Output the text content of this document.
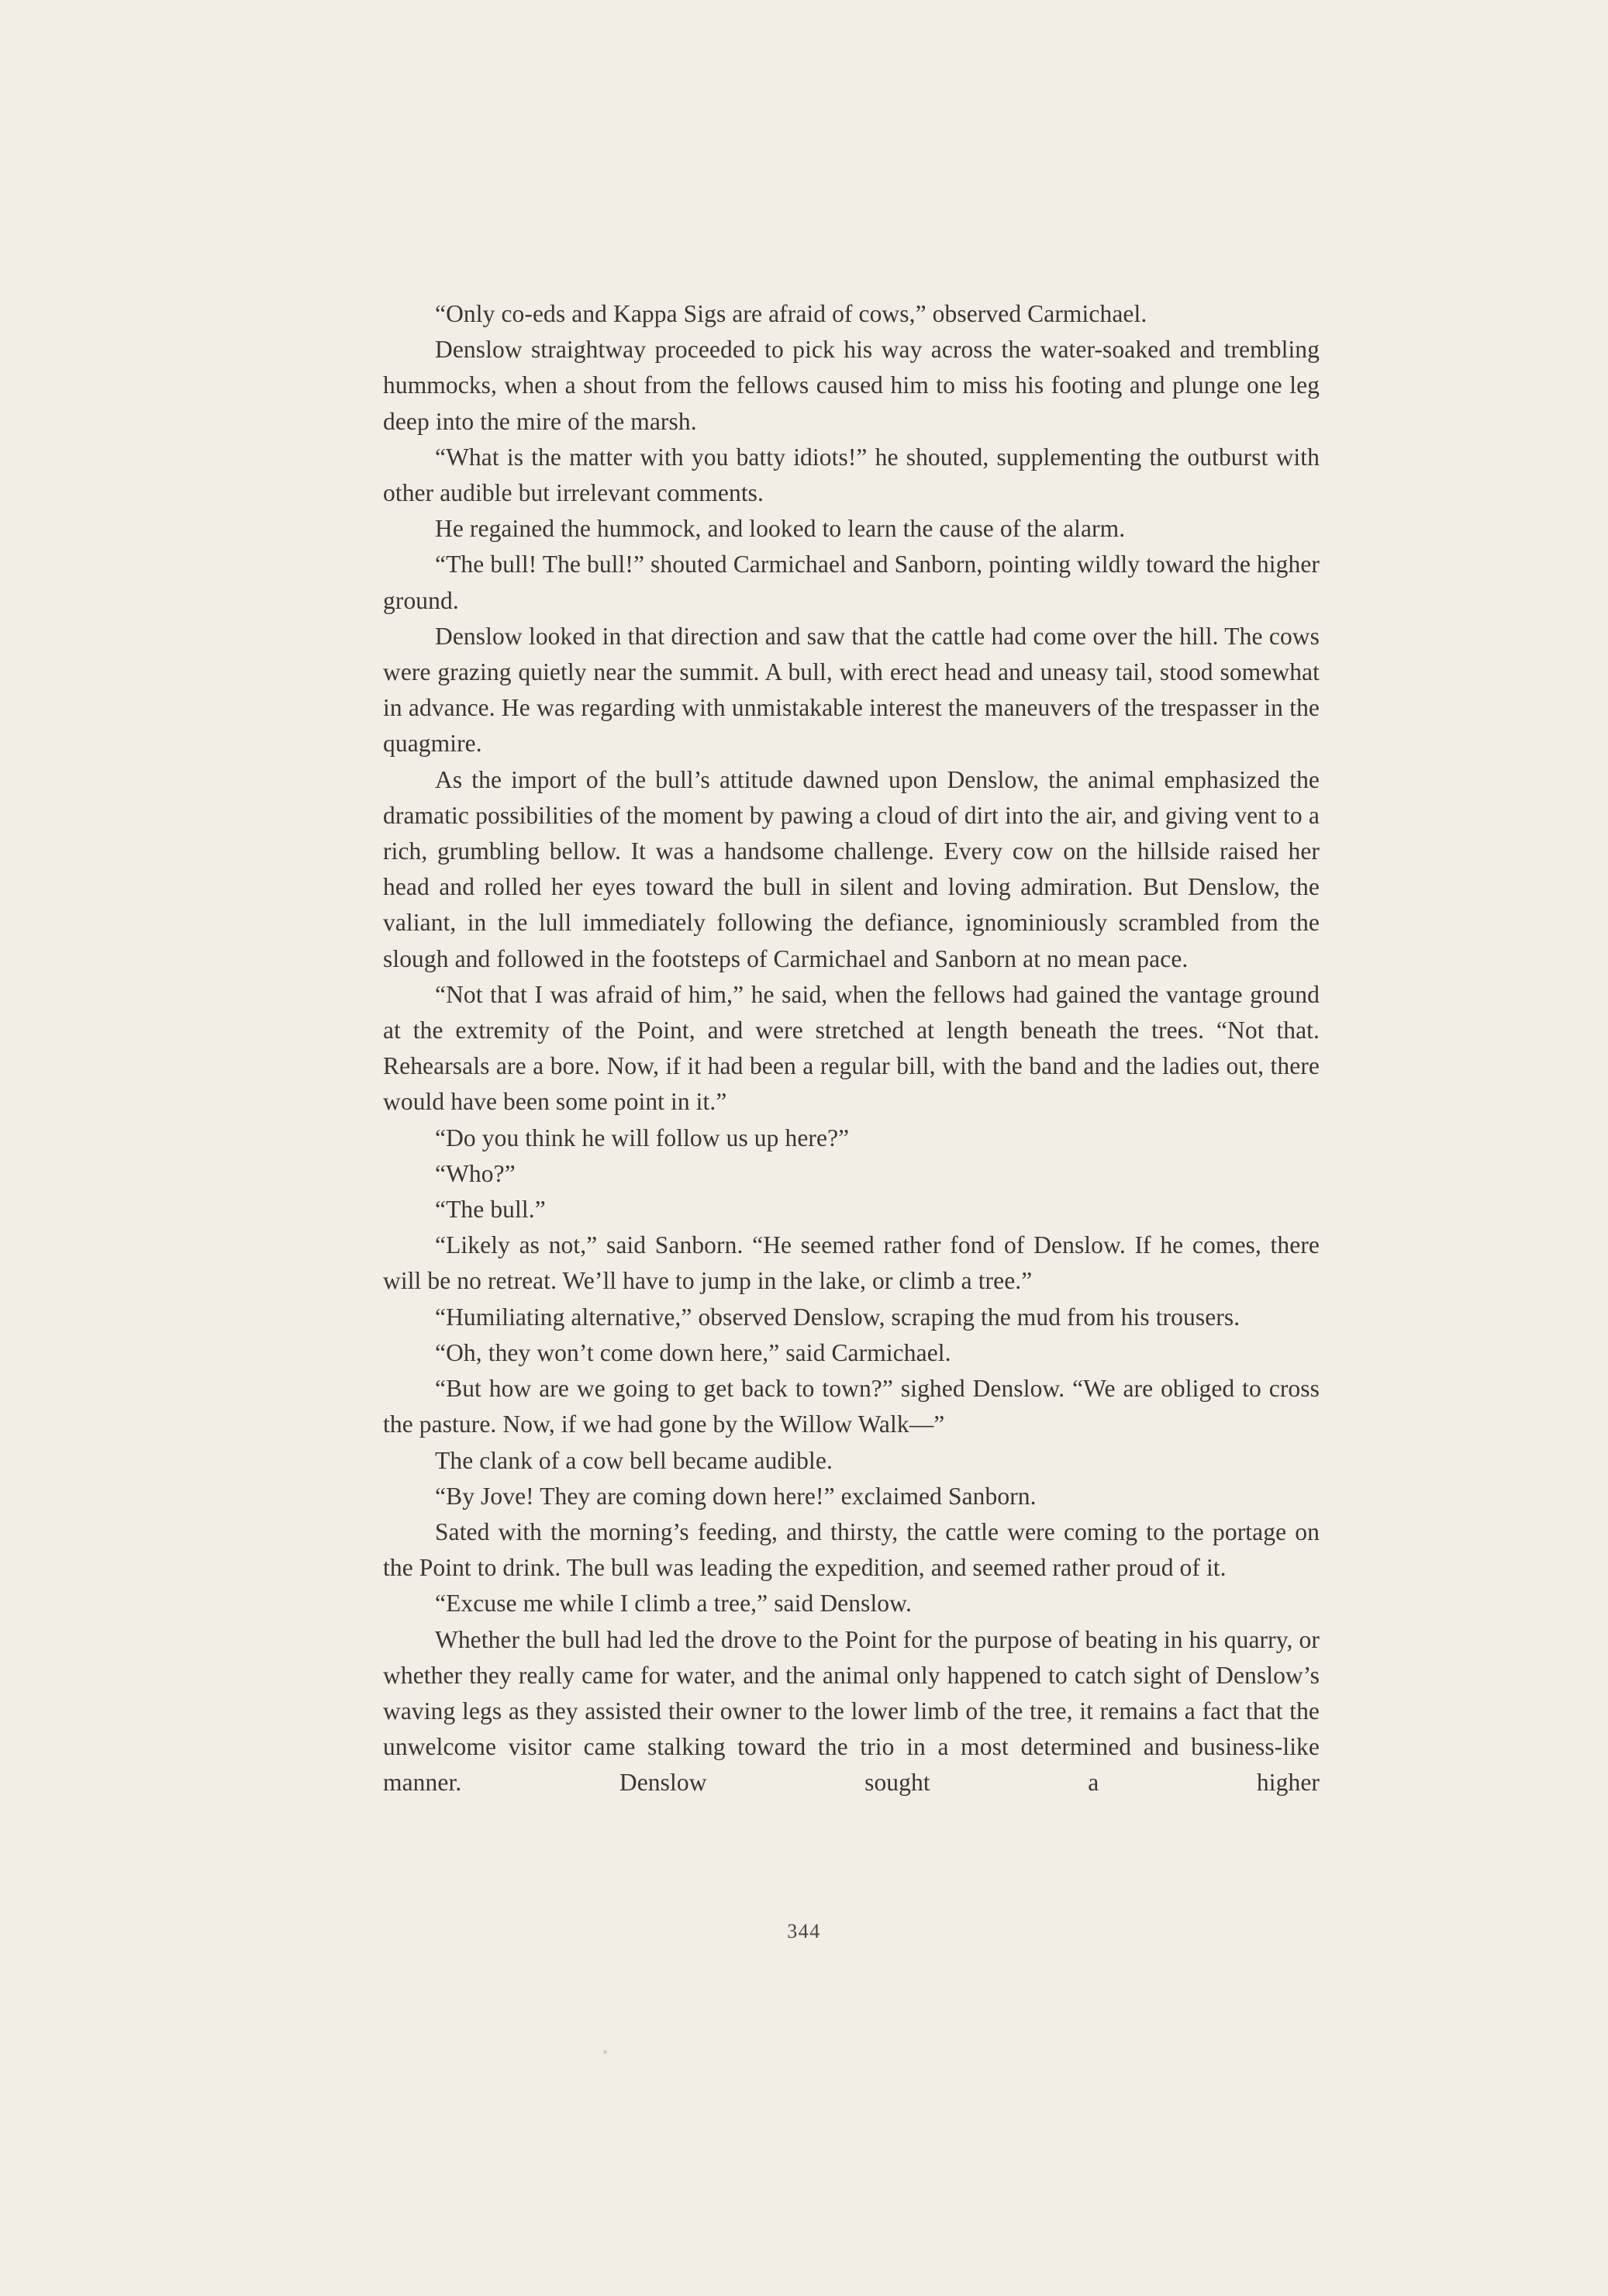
“Only co-eds and Kappa Sigs are afraid of cows,” observed Carmichael.

Denslow straightway proceeded to pick his way across the water-soaked and trembling hummocks, when a shout from the fellows caused him to miss his footing and plunge one leg deep into the mire of the marsh.

“What is the matter with you batty idiots!” he shouted, supplementing the outburst with other audible but irrelevant comments.

He regained the hummock, and looked to learn the cause of the alarm.

“The bull! The bull!” shouted Carmichael and Sanborn, pointing wildly toward the higher ground.

Denslow looked in that direction and saw that the cattle had come over the hill. The cows were grazing quietly near the summit. A bull, with erect head and uneasy tail, stood somewhat in advance. He was regarding with unmistakable interest the maneuvers of the trespasser in the quagmire.

As the import of the bull’s attitude dawned upon Denslow, the animal emphasized the dramatic possibilities of the moment by pawing a cloud of dirt into the air, and giving vent to a rich, grumbling bellow. It was a handsome challenge. Every cow on the hillside raised her head and rolled her eyes toward the bull in silent and loving admiration. But Denslow, the valiant, in the lull immediately following the defiance, ignominiously scrambled from the slough and followed in the footsteps of Carmichael and Sanborn at no mean pace.

“Not that I was afraid of him,” he said, when the fellows had gained the vantage ground at the extremity of the Point, and were stretched at length beneath the trees. “Not that. Rehearsals are a bore. Now, if it had been a regular bill, with the band and the ladies out, there would have been some point in it.”

“Do you think he will follow us up here?”

“Who?”

“The bull.”

“Likely as not,” said Sanborn. “He seemed rather fond of Denslow. If he comes, there will be no retreat. We’ll have to jump in the lake, or climb a tree.”

“Humiliating alternative,” observed Denslow, scraping the mud from his trousers.

“Oh, they won’t come down here,” said Carmichael.

“But how are we going to get back to town?” sighed Denslow. “We are obliged to cross the pasture. Now, if we had gone by the Willow Walk—”

The clank of a cow bell became audible.

“By Jove! They are coming down here!” exclaimed Sanborn.

Sated with the morning’s feeding, and thirsty, the cattle were coming to the portage on the Point to drink. The bull was leading the expedition, and seemed rather proud of it.

“Excuse me while I climb a tree,” said Denslow.

Whether the bull had led the drove to the Point for the purpose of beating in his quarry, or whether they really came for water, and the animal only happened to catch sight of Denslow’s waving legs as they assisted their owner to the lower limb of the tree, it remains a fact that the unwelcome visitor came stalking toward the trio in a most determined and business-like manner. Denslow sought a higher

344
